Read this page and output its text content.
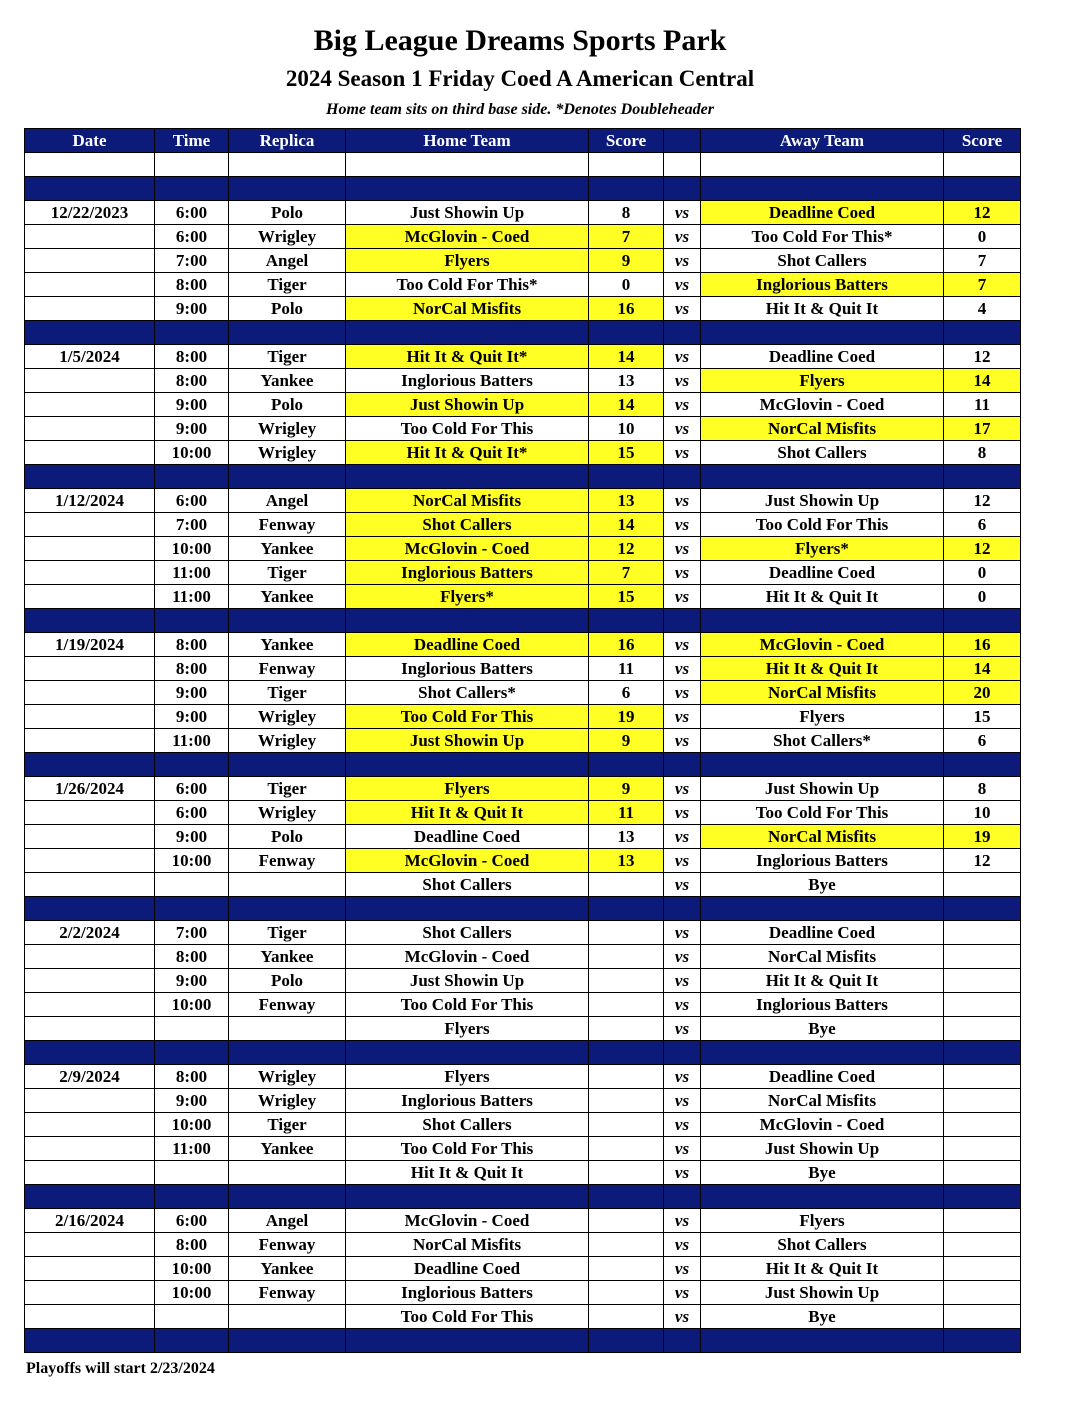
Big League Dreams Sports Park
2024 Season 1 Friday Coed A American Central
Home team sits on third base side. *Denotes Doubleheader
Date	Time	Replica	Home Team	Score		Away Team	Score

12/22/2023	6:00	Polo	Just Showin Up	8	vs	Deadline Coed	12
	6:00	Wrigley	McGlovin - Coed	7	vs	Too Cold For This*	0
	7:00	Angel	Flyers	9	vs	Shot Callers	7
	8:00	Tiger	Too Cold For This*	0	vs	Inglorious Batters	7
	9:00	Polo	NorCal Misfits	16	vs	Hit It & Quit It	4

1/5/2024	8:00	Tiger	Hit It & Quit It*	14	vs	Deadline Coed	12
	8:00	Yankee	Inglorious Batters	13	vs	Flyers	14
	9:00	Polo	Just Showin Up	14	vs	McGlovin - Coed	11
	9:00	Wrigley	Too Cold For This	10	vs	NorCal Misfits	17
	10:00	Wrigley	Hit It & Quit It*	15	vs	Shot Callers	8

1/12/2024	6:00	Angel	NorCal Misfits	13	vs	Just Showin Up	12
	7:00	Fenway	Shot Callers	14	vs	Too Cold For This	6
	10:00	Yankee	McGlovin - Coed	12	vs	Flyers*	12
	11:00	Tiger	Inglorious Batters	7	vs	Deadline Coed	0
	11:00	Yankee	Flyers*	15	vs	Hit It & Quit It	0

1/19/2024	8:00	Yankee	Deadline Coed	16	vs	McGlovin - Coed	16
	8:00	Fenway	Inglorious Batters	11	vs	Hit It & Quit It	14
	9:00	Tiger	Shot Callers*	6	vs	NorCal Misfits	20
	9:00	Wrigley	Too Cold For This	19	vs	Flyers	15
	11:00	Wrigley	Just Showin Up	9	vs	Shot Callers*	6

1/26/2024	6:00	Tiger	Flyers	9	vs	Just Showin Up	8
	6:00	Wrigley	Hit It & Quit It	11	vs	Too Cold For This	10
	9:00	Polo	Deadline Coed	13	vs	NorCal Misfits	19
	10:00	Fenway	McGlovin - Coed	13	vs	Inglorious Batters	12
			Shot Callers		vs	Bye	

2/2/2024	7:00	Tiger	Shot Callers		vs	Deadline Coed	
	8:00	Yankee	McGlovin - Coed		vs	NorCal Misfits	
	9:00	Polo	Just Showin Up		vs	Hit It & Quit It	
	10:00	Fenway	Too Cold For This		vs	Inglorious Batters	
			Flyers		vs	Bye	

2/9/2024	8:00	Wrigley	Flyers		vs	Deadline Coed	
	9:00	Wrigley	Inglorious Batters		vs	NorCal Misfits	
	10:00	Tiger	Shot Callers		vs	McGlovin - Coed	
	11:00	Yankee	Too Cold For This		vs	Just Showin Up	
			Hit It & Quit It		vs	Bye	

2/16/2024	6:00	Angel	McGlovin - Coed		vs	Flyers	
	8:00	Fenway	NorCal Misfits		vs	Shot Callers	
	10:00	Yankee	Deadline Coed		vs	Hit It & Quit It	
	10:00	Fenway	Inglorious Batters		vs	Just Showin Up	
			Too Cold For This		vs	Bye	

Playoffs will start 2/23/2024
